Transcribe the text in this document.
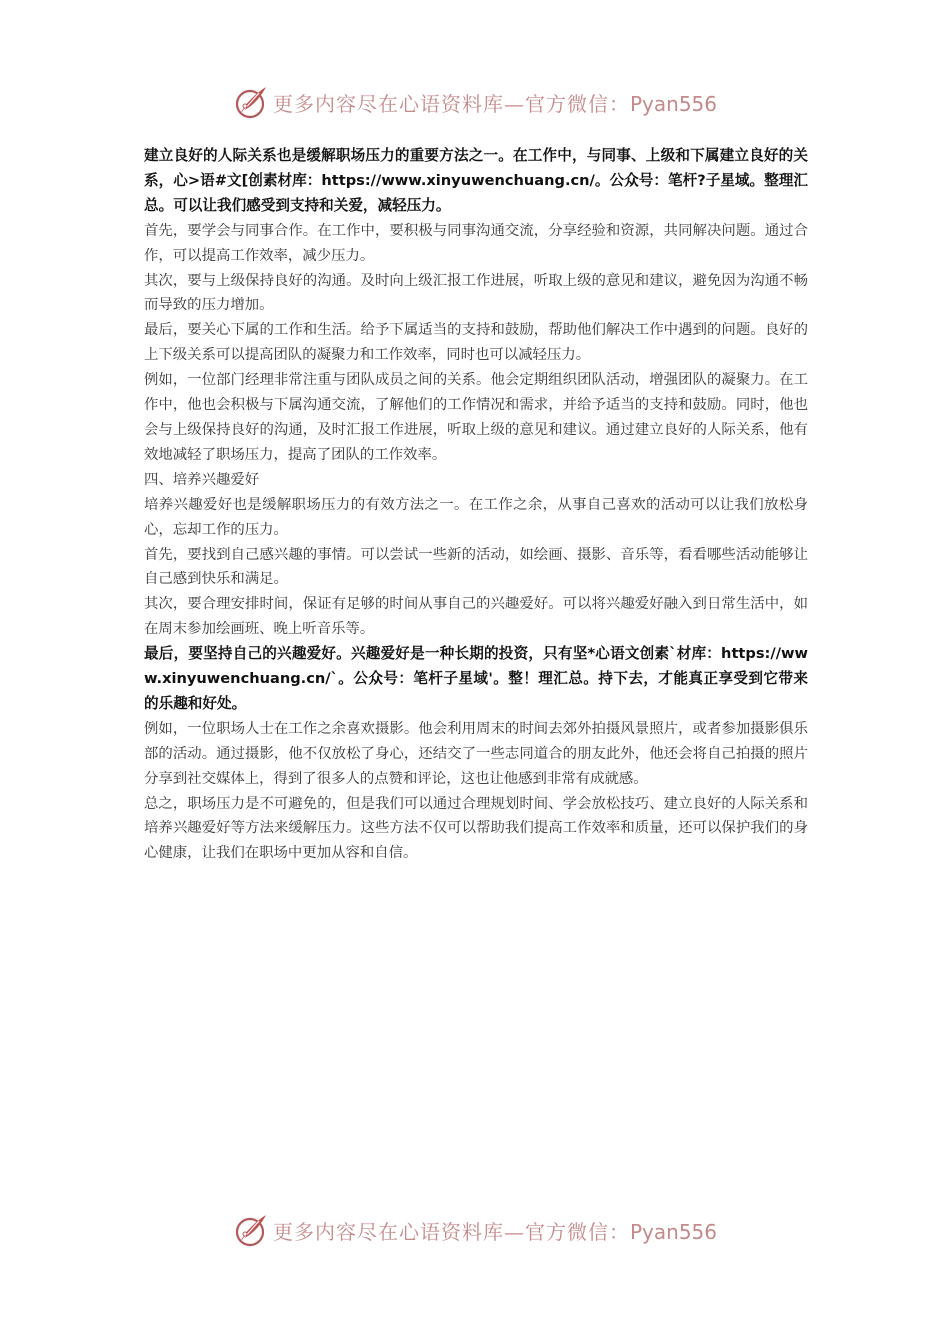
更多内容尽在心语资料库—官方微信：Pyan556

建立良好的人际关系也是缓解职场压力的重要方法之一。在工作中，与同事、上级和下属建立良好的关系，心>语#文[创素材库：https://www.xinyuwenchuang.cn/。公众号：笔杆?子星域。整理汇总。可以让我们感受到支持和关爱，减轻压力。

首先，要学会与同事合作。在工作中，要积极与同事沟通交流，分享经验和资源，共同解决问题。通过合作，可以提高工作效率，减少压力。

其次，要与上级保持良好的沟通。及时向上级汇报工作进展，听取上级的意见和建议，避免因为沟通不畅而导致的压力增加。

最后，要关心下属的工作和生活。给予下属适当的支持和鼓励，帮助他们解决工作中遇到的问题。良好的上下级关系可以提高团队的凝聚力和工作效率，同时也可以减轻压力。

例如，一位部门经理非常注重与团队成员之间的关系。他会定期组织团队活动，增强团队的凝聚力。在工作中，他也会积极与下属沟通交流，了解他们的工作情况和需求，并给予适当的支持和鼓励。同时，他也会与上级保持良好的沟通，及时汇报工作进展，听取上级的意见和建议。通过建立良好的人际关系，他有效地减轻了职场压力，提高了团队的工作效率。

四、培养兴趣爱好

培养兴趣爱好也是缓解职场压力的有效方法之一。在工作之余，从事自己喜欢的活动可以让我们放松身心，忘却工作的压力。

首先，要找到自己感兴趣的事情。可以尝试一些新的活动，如绘画、摄影、音乐等，看看哪些活动能够让自己感到快乐和满足。

其次，要合理安排时间，保证有足够的时间从事自己的兴趣爱好。可以将兴趣爱好融入到日常生活中，如在周末参加绘画班、晚上听音乐等。

最后，要坚持自己的兴趣爱好。兴趣爱好是一种长期的投资，只有坚*心语文创素`材库：https://www.xinyuwenchuang.cn/`。公众号：笔杆子星域'。整！理汇总。持下去，才能真正享受到它带来的乐趣和好处。

例如，一位职场人士在工作之余喜欢摄影。他会利用周末的时间去郊外拍摄风景照片，或者参加摄影俱乐部的活动。通过摄影，他不仅放松了身心，还结交了一些志同道合的朋友此外，他还会将自己拍摄的照片分享到社交媒体上，得到了很多人的点赞和评论，这也让他感到非常有成就感。

总之，职场压力是不可避免的，但是我们可以通过合理规划时间、学会放松技巧、建立良好的人际关系和培养兴趣爱好等方法来缓解压力。这些方法不仅可以帮助我们提高工作效率和质量，还可以保护我们的身心健康，让我们在职场中更加从容和自信。

更多内容尽在心语资料库—官方微信：Pyan556
